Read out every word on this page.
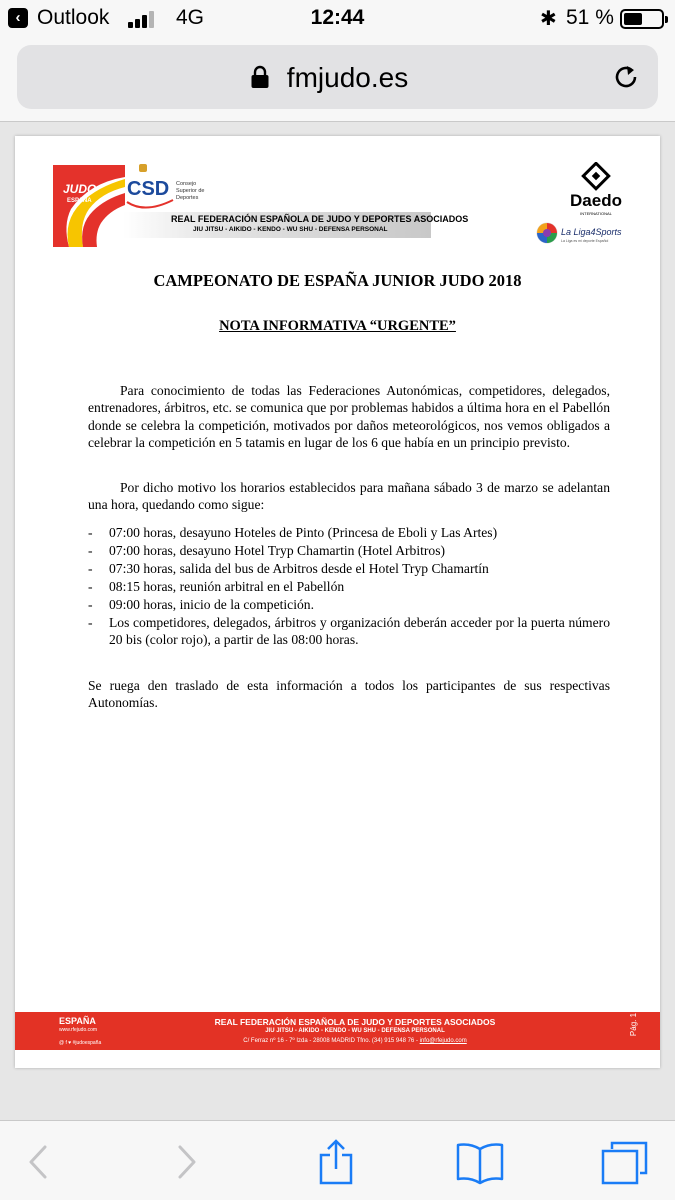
‹ Outlook	4G	12:44	✱ 51 %
fmjudo.es
JUDO
ESPAÑA
CSD Consejo
Superior de
Deportes
REAL FEDERACIÓN ESPAÑOLA DE JUDO Y DEPORTES ASOCIADOS
JIU JITSU - AIKIDO - KENDO - WU SHU - DEFENSA PERSONAL
Daedo
INTERNATIONAL
La Liga4Sports
La Liga es mi deporte Español
CAMPEONATO DE ESPAÑA JUNIOR JUDO 2018
NOTA INFORMATIVA “URGENTE”
Para conocimiento de todas las Federaciones Autonómicas, competidores, delegados, entrenadores, árbitros, etc. se comunica que por problemas habidos a última hora en el Pabellón donde se celebra la competición, motivados por daños meteorológicos, nos vemos obligados a celebrar la competición en 5 tatamis en lugar de los 6 que había en un principio previsto.
Por dicho motivo los horarios establecidos para mañana sábado 3 de marzo se adelantan una hora, quedando como sigue:
- 07:00 horas, desayuno Hoteles de Pinto (Princesa de Eboli y Las Artes)
- 07:00 horas, desayuno Hotel Tryp Chamartin (Hotel Arbitros)
- 07:30 horas, salida del bus de Arbitros desde el Hotel Tryp Chamartín
- 08:15 horas, reunión arbitral en el Pabellón
- 09:00 horas, inicio de la competición.
- Los competidores, delegados, árbitros y organización deberán acceder por la puerta número 20 bis (color rojo), a partir de las 08:00 horas.
Se ruega den traslado de esta información a todos los participantes de sus respectivas Autonomías.
ESPAÑA
www.rfejudo.com
@ f ♥ #judoespaña
REAL FEDERACIÓN ESPAÑOLA DE JUDO Y DEPORTES ASOCIADOS
JIU JITSU - AIKIDO - KENDO - WU SHU - DEFENSA PERSONAL
C/ Ferraz nº 16 - 7º Izda - 28008 MADRID Tfno. (34) 915 948 76 - info@rfejudo.com
Pág. 1
